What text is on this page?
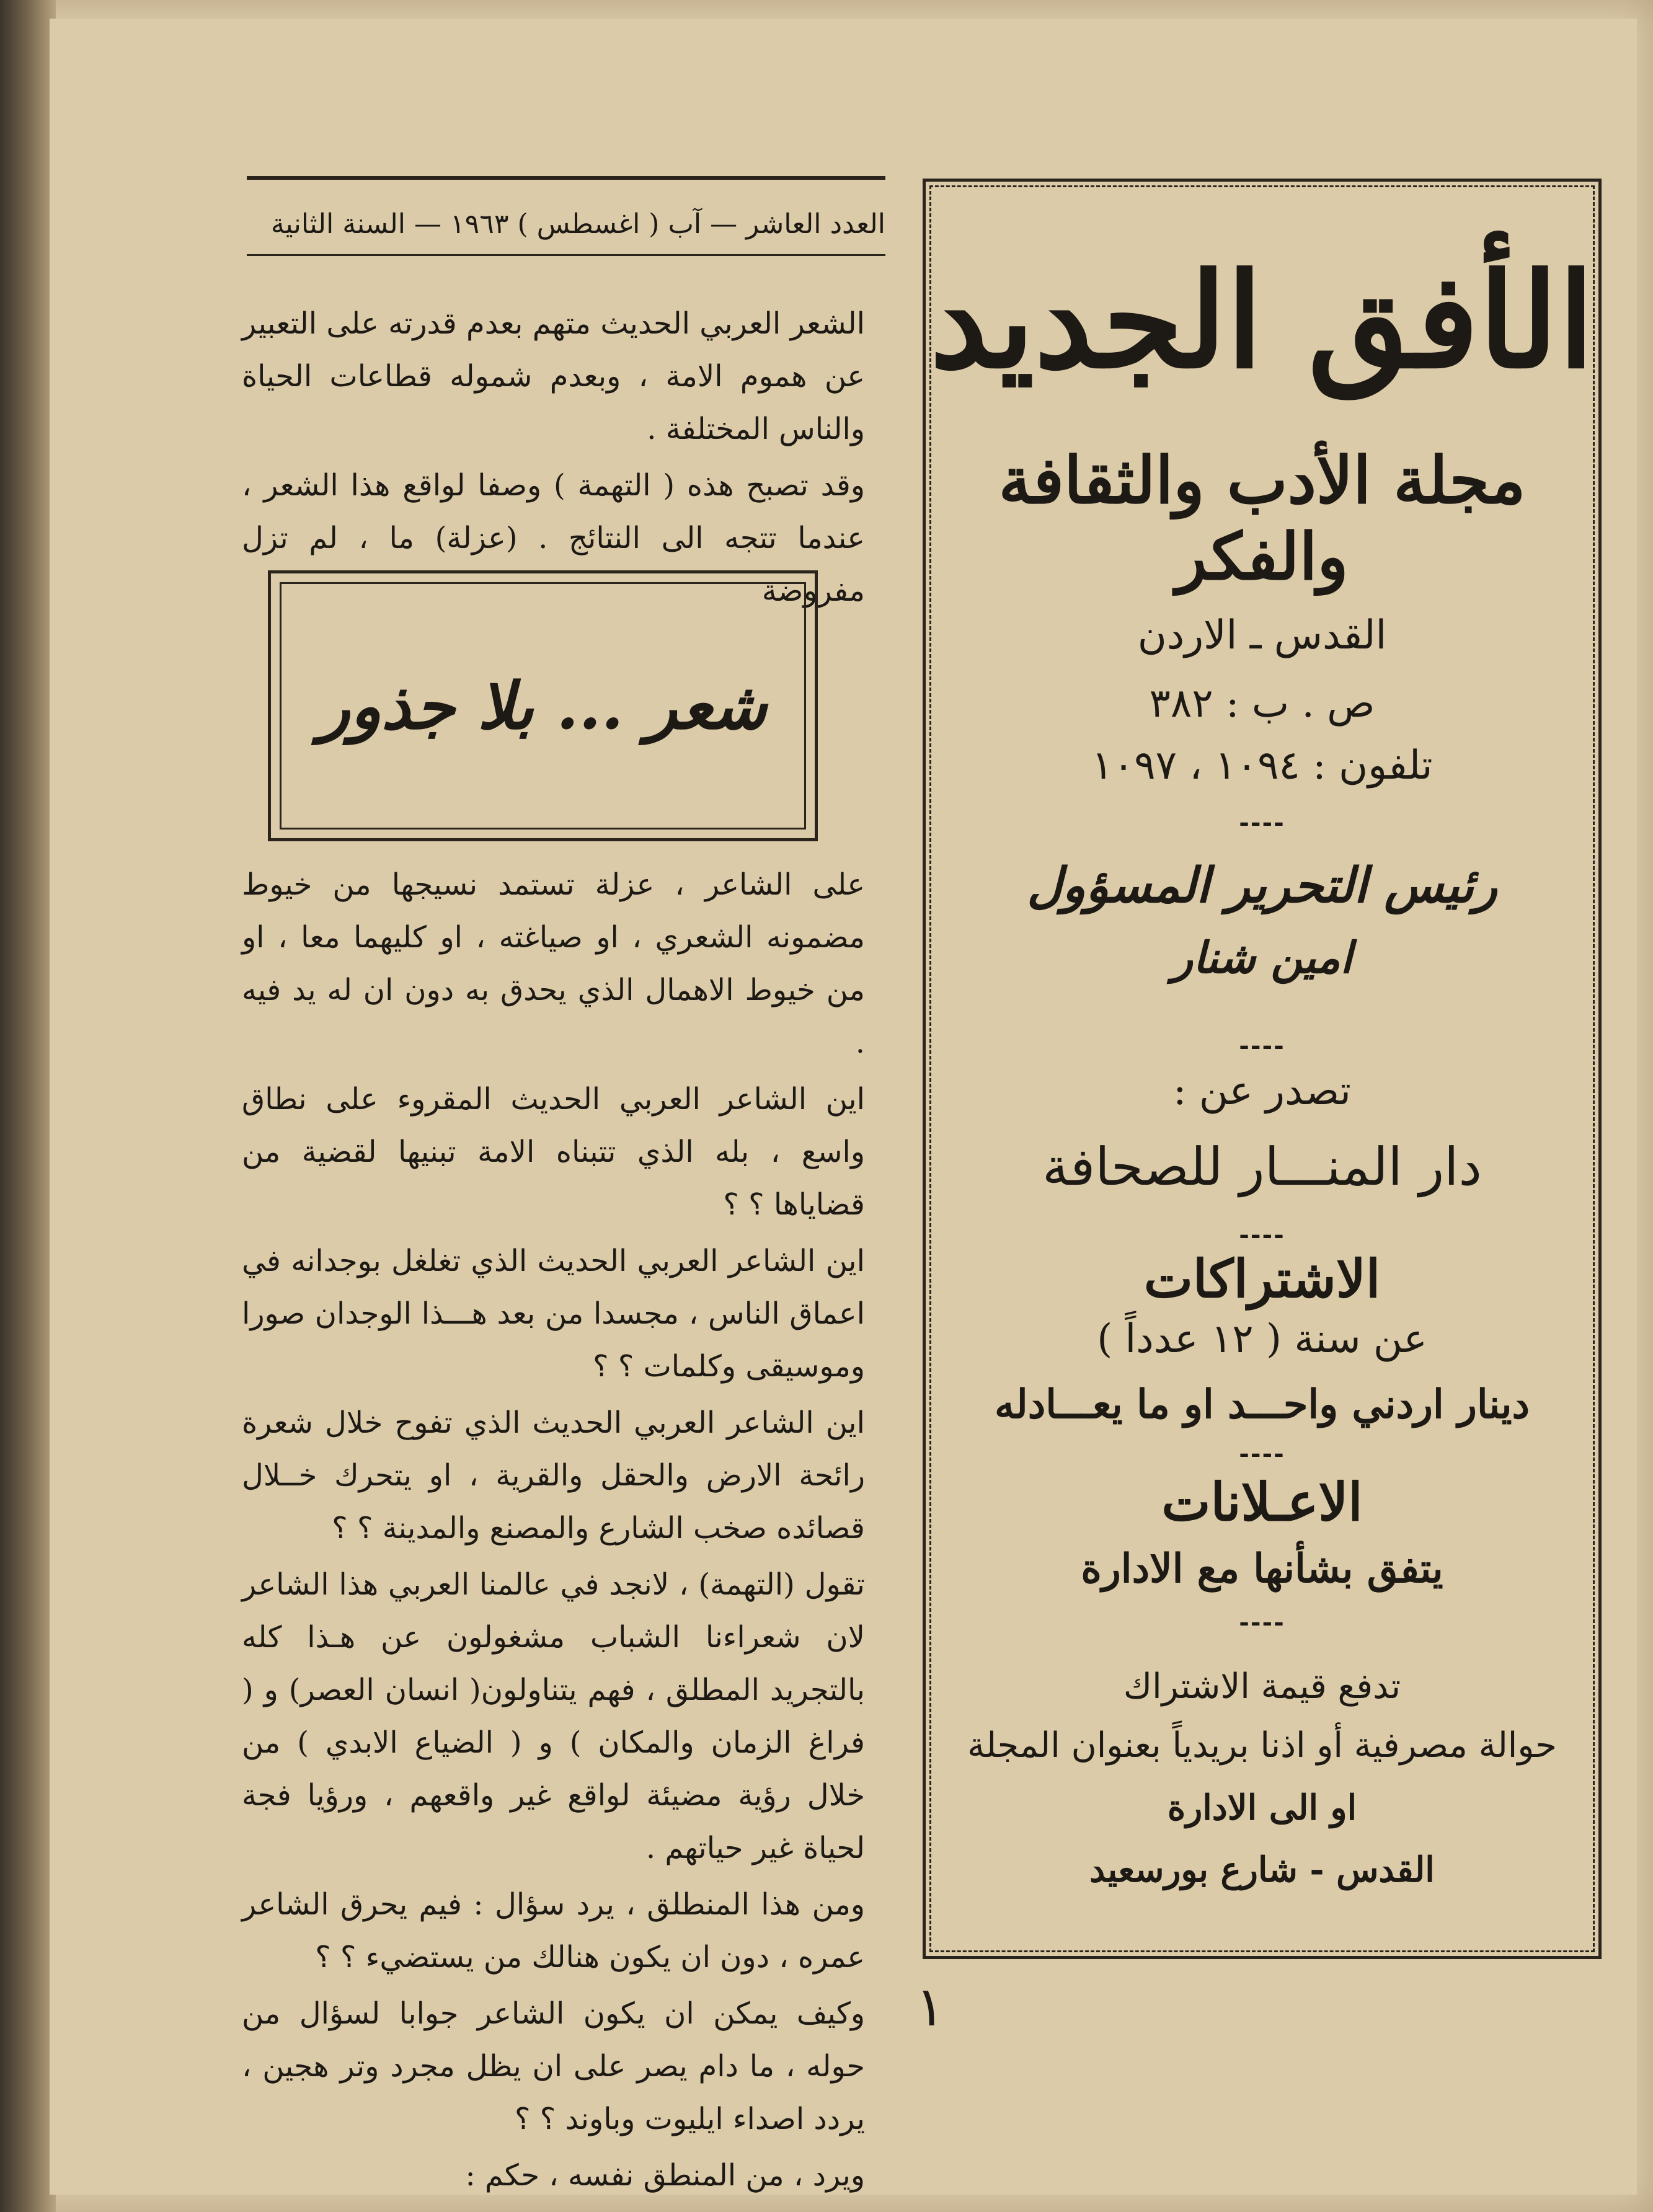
العدد العاشر — آب ( اغسطس ) ١٩٦٣ — السنة الثانية

الشعر العربي الحديث متهم بعدم قدرته على التعبير عن هموم الامة ، وبعدم شموله قطاعات الحياة والناس المختلفة .

وقد تصبح هذه ( التهمة ) وصفا لواقع هذا الشعر ، عندما تتجه الى النتائج . (عزلة) ما ، لم تزل مفروضة

شعر ... بلا جذور

على الشاعر ، عزلة تستمد نسيجها من خيوط مضمونه الشعري ، او صياغته ، او كليهما معا ، او من خيوط الاهمال الذي يحدق به دون ان له يد فيه .

اين الشاعر العربي الحديث المقروء على نطاق واسع ، بله الذي تتبناه الامة تبنيها لقضية من قضاياها ؟ ؟

اين الشاعر العربي الحديث الذي تغلغل بوجدانه في اعماق الناس ، مجسدا من بعد هـــذا الوجدان صورا وموسيقى وكلمات ؟ ؟

اين الشاعر العربي الحديث الذي تفوح خلال شعرة رائحة الارض والحقل والقرية ، او يتحرك خــلال قصائده صخب الشارع والمصنع والمدينة ؟ ؟

تقول (التهمة) ، لانجد في عالمنا العربي هذا الشاعر لان شعراءنا الشباب مشغولون عن هـذا كله بالتجريد المطلق ، فهم يتناولون( انسان العصر) و ( فراغ الزمان والمكان ) و ( الضياع الابدي ) من خلال رؤية مضيئة لواقع غير واقعهم ، ورؤيا فجة لحياة غير حياتهم .

ومن هذا المنطلق ، يرد سؤال : فيم يحرق الشاعر عمره ، دون ان يكون هنالك من يستضيء ؟ ؟

وكيف يمكن ان يكون الشاعر جوابا لسؤال من حوله ، ما دام يصر على ان يظل مجرد وتر هجين ، يردد اصداء ايليوت وباوند ؟ ؟

ويرد ، من المنطق نفسه ، حكم :

الأفق الجديد
مجلة الأدب والثقافة والفكر
القدس ـ الاردن
ص . ب : ٣٨٢
تلفون : ١٠٩٤ ، ١٠٩٧
----
رئيس التحرير المسؤول
امين شنار
----
تصدر عن :
دار المنـــار للصحافة
----
الاشتراكات
عن سنة ( ١٢ عدداً )
دينار اردني واحـــد او ما يعـــادله
----
الاعـلانات
يتفق بشأنها مع الادارة
----
تدفع قيمة الاشتراك
حوالة مصرفية أو اذنا بريدياً بعنوان المجلة
او الى الادارة
القدس - شارع بورسعيد
١
